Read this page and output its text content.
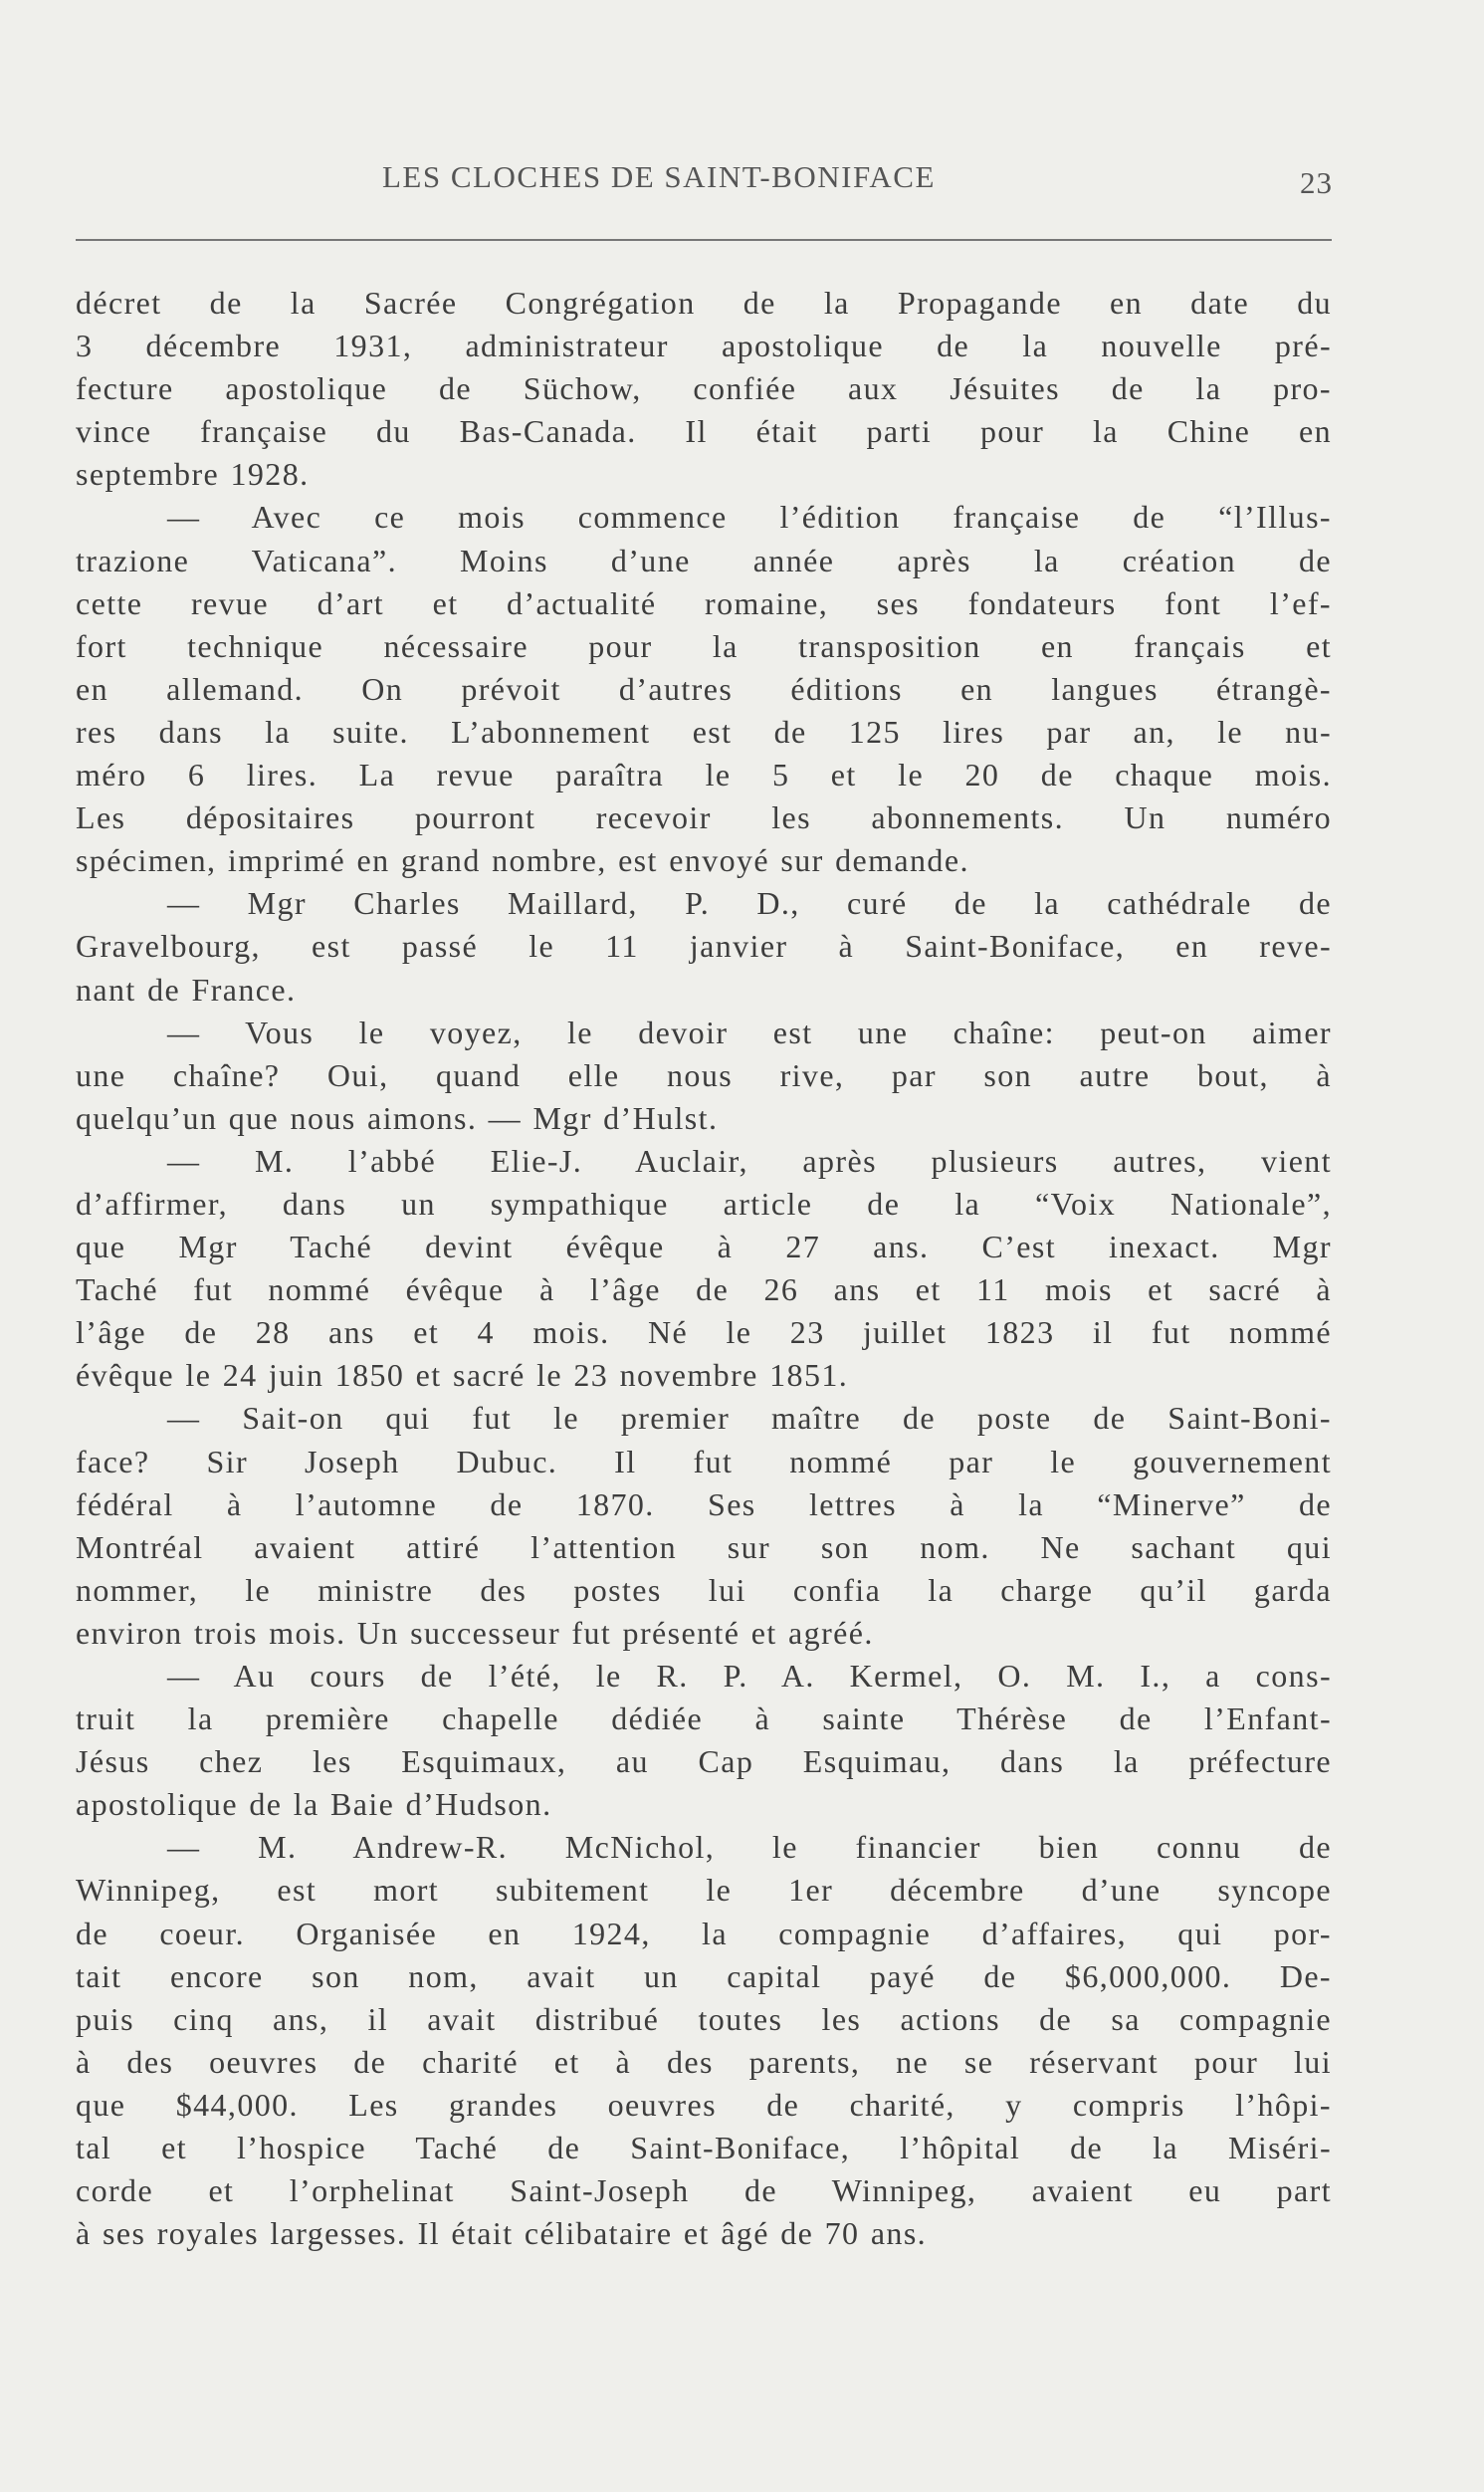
LES CLOCHES DE SAINT-BONIFACE	23
décret de la Sacrée Congrégation de la Propagande en date du
3 décembre 1931, administrateur apostolique de la nouvelle pré-
fecture apostolique de Süchow, confiée aux Jésuites de la pro-
vince française du Bas-Canada. Il était parti pour la Chine en
septembre 1928.
— Avec ce mois commence l’édition française de “l’Illus-
trazione Vaticana”. Moins d’une année après la création de
cette revue d’art et d’actualité romaine, ses fondateurs font l’ef-
fort technique nécessaire pour la transposition en français et
en allemand. On prévoit d’autres éditions en langues étrangè-
res dans la suite. L’abonnement est de 125 lires par an, le nu-
méro 6 lires. La revue paraîtra le 5 et le 20 de chaque mois.
Les dépositaires pourront recevoir les abonnements. Un numéro
spécimen, imprimé en grand nombre, est envoyé sur demande.
— Mgr Charles Maillard, P. D., curé de la cathédrale de
Gravelbourg, est passé le 11 janvier à Saint-Boniface, en reve-
nant de France.
— Vous le voyez, le devoir est une chaîne: peut-on aimer
une chaîne? Oui, quand elle nous rive, par son autre bout, à
quelqu’un que nous aimons. — Mgr d’Hulst.
— M. l’abbé Elie-J. Auclair, après plusieurs autres, vient
d’affirmer, dans un sympathique article de la “Voix Nationale”,
que Mgr Taché devint évêque à 27 ans. C’est inexact. Mgr
Taché fut nommé évêque à l’âge de 26 ans et 11 mois et sacré à
l’âge de 28 ans et 4 mois. Né le 23 juillet 1823 il fut nommé
évêque le 24 juin 1850 et sacré le 23 novembre 1851.
— Sait-on qui fut le premier maître de poste de Saint-Boni-
face? Sir Joseph Dubuc. Il fut nommé par le gouvernement
fédéral à l’automne de 1870. Ses lettres à la “Minerve” de
Montréal avaient attiré l’attention sur son nom. Ne sachant qui
nommer, le ministre des postes lui confia la charge qu’il garda
environ trois mois. Un successeur fut présenté et agréé.
— Au cours de l’été, le R. P. A. Kermel, O. M. I., a cons-
truit la première chapelle dédiée à sainte Thérèse de l’Enfant-
Jésus chez les Esquimaux, au Cap Esquimau, dans la préfecture
apostolique de la Baie d’Hudson.
— M. Andrew-R. McNichol, le financier bien connu de
Winnipeg, est mort subitement le 1er décembre d’une syncope
de coeur. Organisée en 1924, la compagnie d’affaires, qui por-
tait encore son nom, avait un capital payé de $6,000,000. De-
puis cinq ans, il avait distribué toutes les actions de sa compagnie
à des oeuvres de charité et à des parents, ne se réservant pour lui
que $44,000. Les grandes oeuvres de charité, y compris l’hôpi-
tal et l’hospice Taché de Saint-Boniface, l’hôpital de la Miséri-
corde et l’orphelinat Saint-Joseph de Winnipeg, avaient eu part
à ses royales largesses. Il était célibataire et âgé de 70 ans.
